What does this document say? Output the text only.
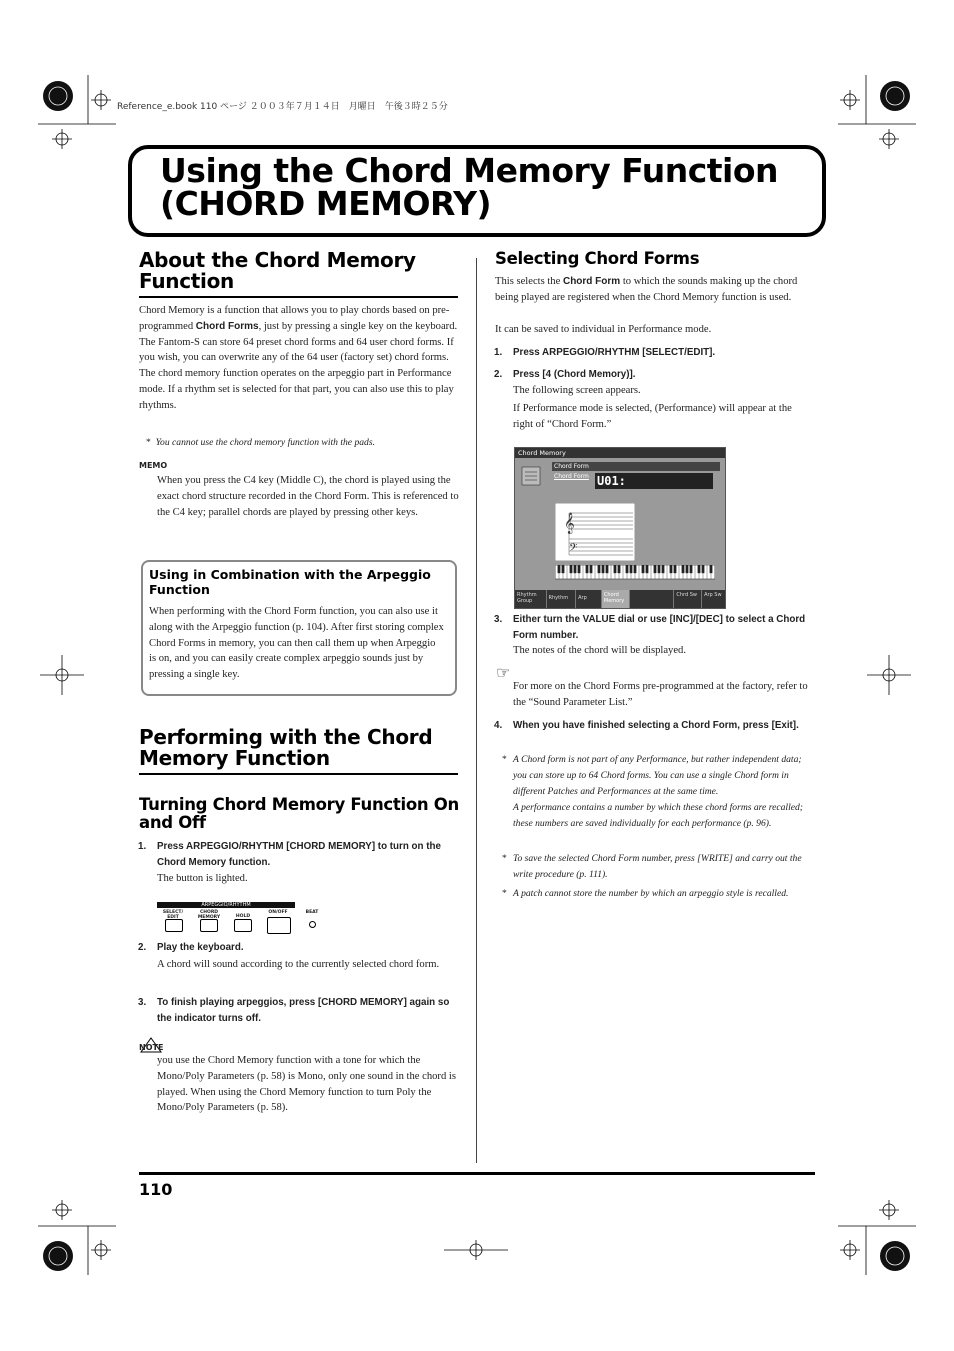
Reference_e.book 110 ページ ２００３年７月１４日　月曜日　午後３時２５分
Using the Chord Memory Function
(CHORD MEMORY)
About the Chord Memory
Function

Chord Memory is a function that allows you to play chords based on pre-programmed Chord Forms, just by pressing a single key on the keyboard. The Fantom-S can store 64 preset chord forms and 64 user chord forms. If you wish, you can overwrite any of the 64 user (factory set) chord forms.

The chord memory function operates on the arpeggio part in Performance mode. If a rhythm set is selected for that part, you can also use this to play rhythms.

*  You cannot use the chord memory function with the pads.
MEMO

When you press the C4 key (Middle C), the chord is played using the exact chord structure recorded in the Chord Form. This is referenced to the C4 key; parallel chords are played by pressing other keys.

Using in Combination with the Arpeggio Function

When performing with the Chord Form function, you can also use it along with the Arpeggio function (p. 104). After first storing complex Chord Forms in memory, you can then call them up when Arpeggio is on, and you can easily create complex arpeggio sounds just by pressing a single key.

Performing with the Chord
Memory Function
Turning Chord Memory Function On
and Off
1. Press ARPEGGIO/RHYTHM [CHORD MEMORY] to turn on the Chord Memory function.

The button is lighted.

ARPEGGIO/RHYTHM
SELECT/ EDIT
CHORD MEMORY	HOLD
ON/OFF	BEAT
2. Play the keyboard.

A chord will sound according to the currently selected chord form.

3. To finish playing arpeggios, press [CHORD MEMORY] again so the indicator turns off.
NOTE

you use the Chord Memory function with a tone for which the Mono/Poly Parameters (p. 58) is Mono, only one sound in the chord is played. When using the Chord Memory function to turn Poly the Mono/Poly Parameters (p. 58).

Selecting Chord Forms

This selects the Chord Form to which the sounds making up the chord being played are registered when the Chord Memory function is used.

It can be saved to individual in Performance mode.

1. Press ARPEGGIO/RHYTHM [SELECT/EDIT].
2. Press [4 (Chord Memory)].

The following screen appears.

If Performance mode is selected, (Performance) will appear at the right of “Chord Form.”

Chord Memory
Chord Form
Chord Form U01:
𝄞
𝄢
Rhythm Group	Rhythm	Arp	Chord Memory
Chrd Sw	Arp Sw
3. Either turn the VALUE dial or use [INC]/[DEC] to select a Chord Form number.

The notes of the chord will be displayed.

☞

For more on the Chord Forms pre-programmed at the factory, refer to the “Sound Parameter List.”

4. When you have finished selecting a Chord Form, press [Exit].
* A Chord form is not part of any Performance, but rather independent data; you can store up to 64 Chord forms. You can use a single Chord form in different Patches and Performances at the same time.
A performance contains a number by which these chord forms are recalled; these numbers are saved individually for each performance (p. 96).
* To save the selected Chord Form number, press [WRITE] and carry out the write procedure (p. 111).
* A patch cannot store the number by which an arpeggio style is recalled.
110
